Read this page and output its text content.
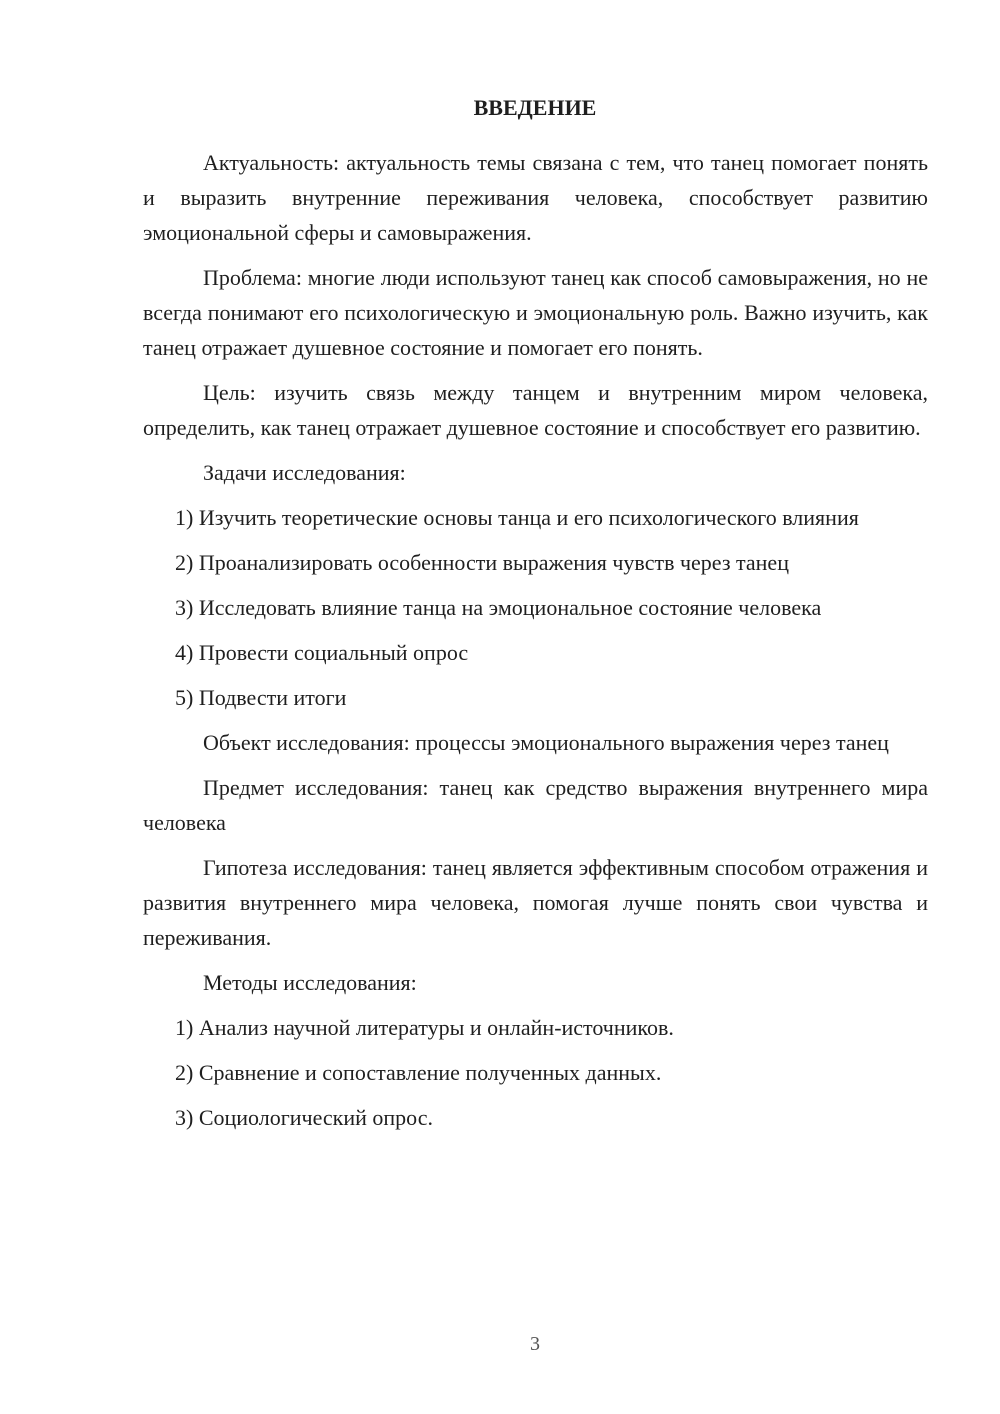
ВВЕДЕНИЕ

Актуальность: актуальность темы связана с тем, что танец помогает понять и выразить внутренние переживания человека, способствует развитию эмоциональной сферы и самовыражения.

Проблема: многие люди используют танец как способ самовыражения, но не всегда понимают его психологическую и эмоциональную роль. Важно изучить, как танец отражает душевное состояние и помогает его понять.

Цель: изучить связь между танцем и внутренним миром человека, определить, как танец отражает душевное состояние и способствует его развитию.

Задачи исследования:

1) Изучить теоретические основы танца и его психологического влияния

2) Проанализировать особенности выражения чувств через танец

3) Исследовать влияние танца на эмоциональное состояние человека

4) Провести социальный опрос

5) Подвести итоги

Объект исследования: процессы эмоционального выражения через танец

Предмет исследования: танец как средство выражения внутреннего мира человека

Гипотеза исследования: танец является эффективным способом отражения и развития внутреннего мира человека, помогая лучше понять свои чувства и переживания.

Методы исследования:

1) Анализ научной литературы и онлайн-источников.

2) Сравнение и сопоставление полученных данных.

3) Социологический опрос.

3
